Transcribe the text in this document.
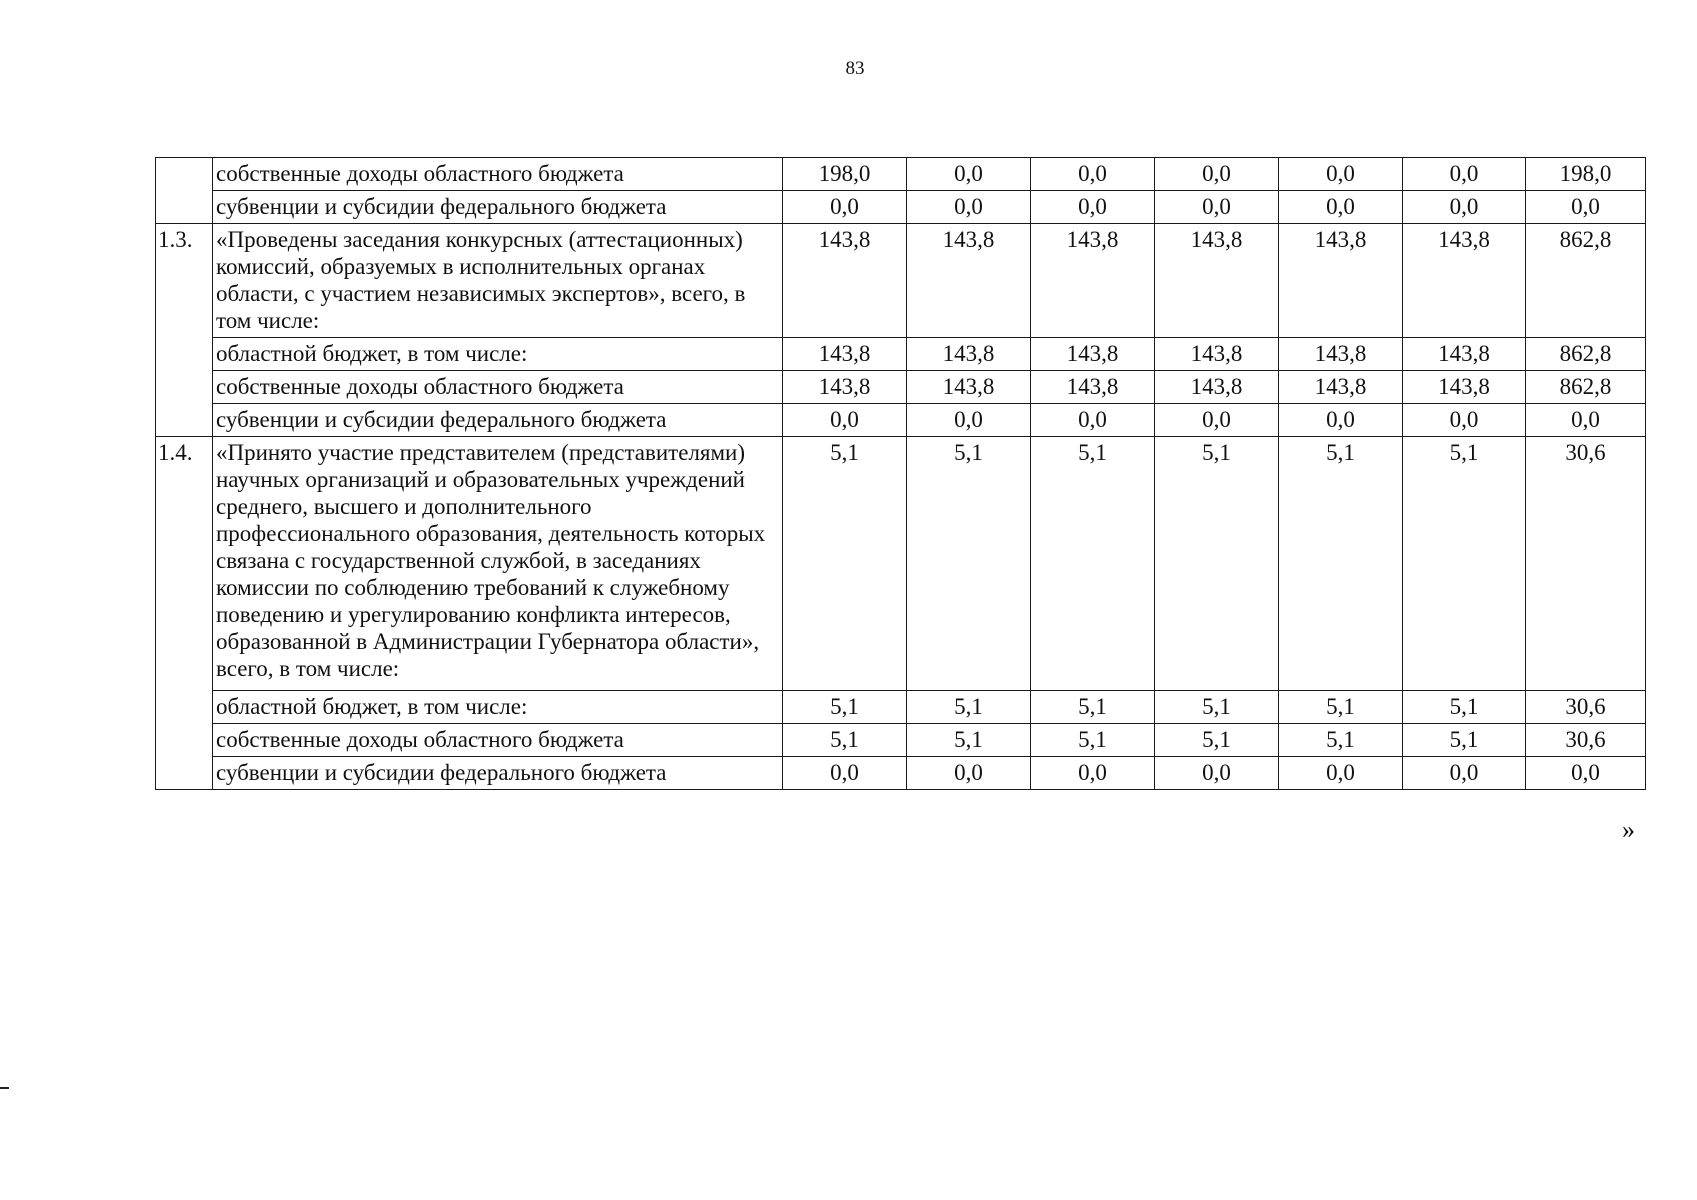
83
	собственные доходы областного бюджета	198,0	0,0	0,0	0,0	0,0	0,0	198,0
	субвенции и субсидии федерального бюджета	0,0	0,0	0,0	0,0	0,0	0,0	0,0
1.3.	«Проведены заседания конкурсных (аттестационных) комиссий, образуемых в исполнительных органах области, с участием независимых экспертов», всего, в том числе:	143,8	143,8	143,8	143,8	143,8	143,8	862,8
	областной бюджет, в том числе:	143,8	143,8	143,8	143,8	143,8	143,8	862,8
	собственные доходы областного бюджета	143,8	143,8	143,8	143,8	143,8	143,8	862,8
	субвенции и субсидии федерального бюджета	0,0	0,0	0,0	0,0	0,0	0,0	0,0
1.4.	«Принято участие представителем (представителями) научных организаций и образовательных учреждений среднего, высшего и дополнительного профессионального образования, деятельность которых связана с государственной службой, в заседаниях комиссии по соблюдению требований к служебному поведению и урегулированию конфликта интересов, образованной в Администрации Губернатора области», всего, в том числе:	5,1	5,1	5,1	5,1	5,1	5,1	30,6
	областной бюджет, в том числе:	5,1	5,1	5,1	5,1	5,1	5,1	30,6
	собственные доходы областного бюджета	5,1	5,1	5,1	5,1	5,1	5,1	30,6
	субвенции и субсидии федерального бюджета	0,0	0,0	0,0	0,0	0,0	0,0	0,0
»
